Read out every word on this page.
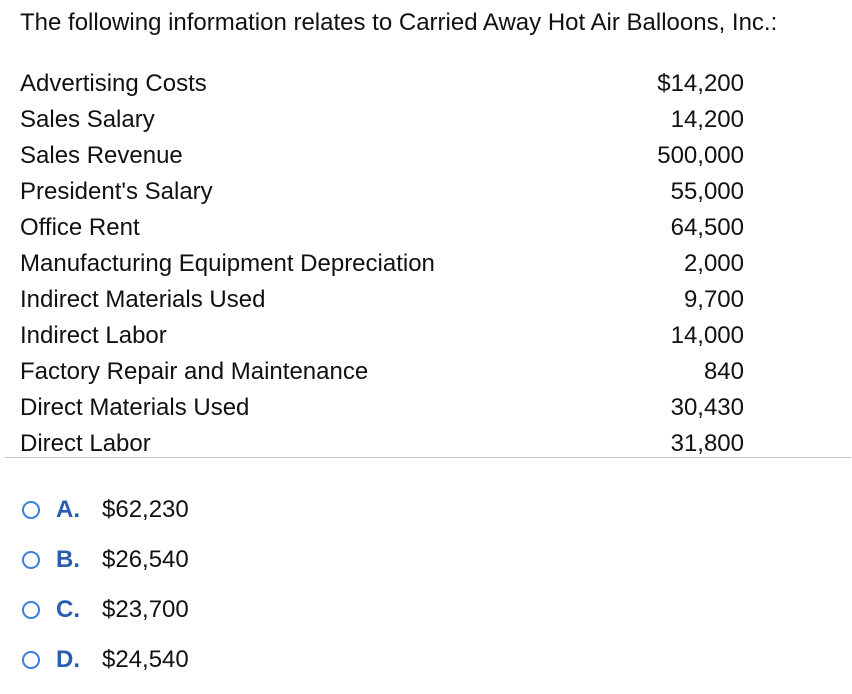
The following information relates to Carried Away Hot Air Balloons, Inc.:
Advertising Costs	$14,200
Sales Salary	14,200
Sales Revenue	500,000
President's Salary	55,000
Office Rent	64,500
Manufacturing Equipment Depreciation	2,000
Indirect Materials Used	9,700
Indirect Labor	14,000
Factory Repair and Maintenance	840
Direct Materials Used	30,430
Direct Labor	31,800
A. $62,230
B. $26,540
C. $23,700
D. $24,540
